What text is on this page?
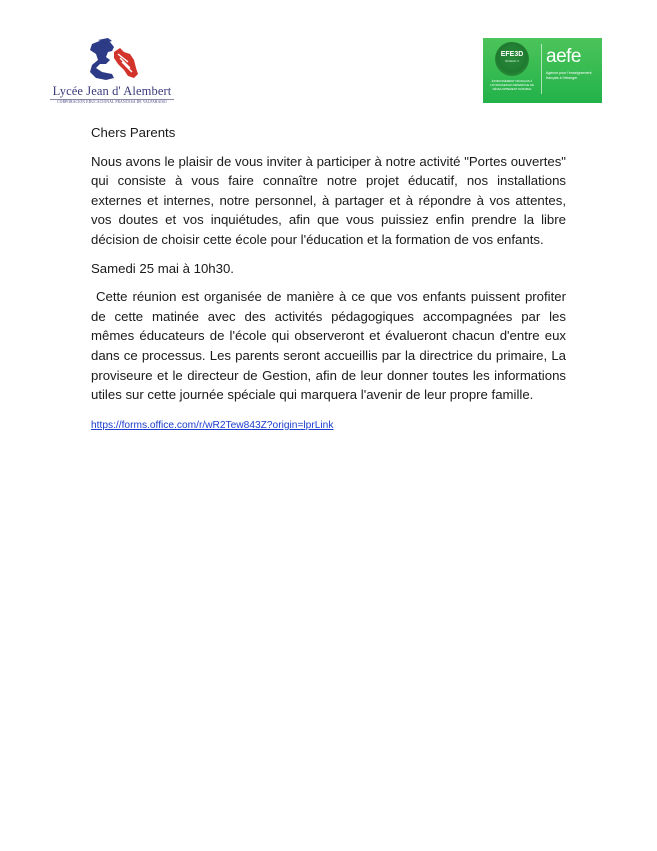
Lycée Jean d' Alembert
CORPORACIÓN EDUCACIONAL FRANCESA DE VALPARAÍSO
EFE3D
NIVEAU 3
ÉTABLISSEMENT FRANÇAIS À L'ÉTRANGER EN DÉMARCHE DE DÉVELOPPEMENT DURABLE
aefe
Agence pour l'enseignement français à l'étranger

Chers Parents

Nous avons le plaisir de vous inviter à participer à notre activité "Portes ouvertes" qui consiste à vous faire connaître notre projet éducatif, nos installations externes et internes, notre personnel, à partager et à répondre à vos attentes, vos doutes et vos inquiétudes, afin que vous puissiez enfin prendre la libre décision de choisir cette école pour l'éducation et la formation de vos enfants.

Samedi 25 mai à 10h30.

Cette réunion est organisée de manière à ce que vos enfants puissent profiter de cette matinée avec des activités pédagogiques accompagnées par les mêmes éducateurs de l'école qui observeront et évalueront chacun d'entre eux dans ce processus. Les parents seront accueillis par la directrice du primaire, La proviseure et le directeur de Gestion, afin de leur donner toutes les informations utiles sur cette journée spéciale qui marquera l'avenir de leur propre famille.

https://forms.office.com/r/wR2Tew843Z?origin=lprLink
